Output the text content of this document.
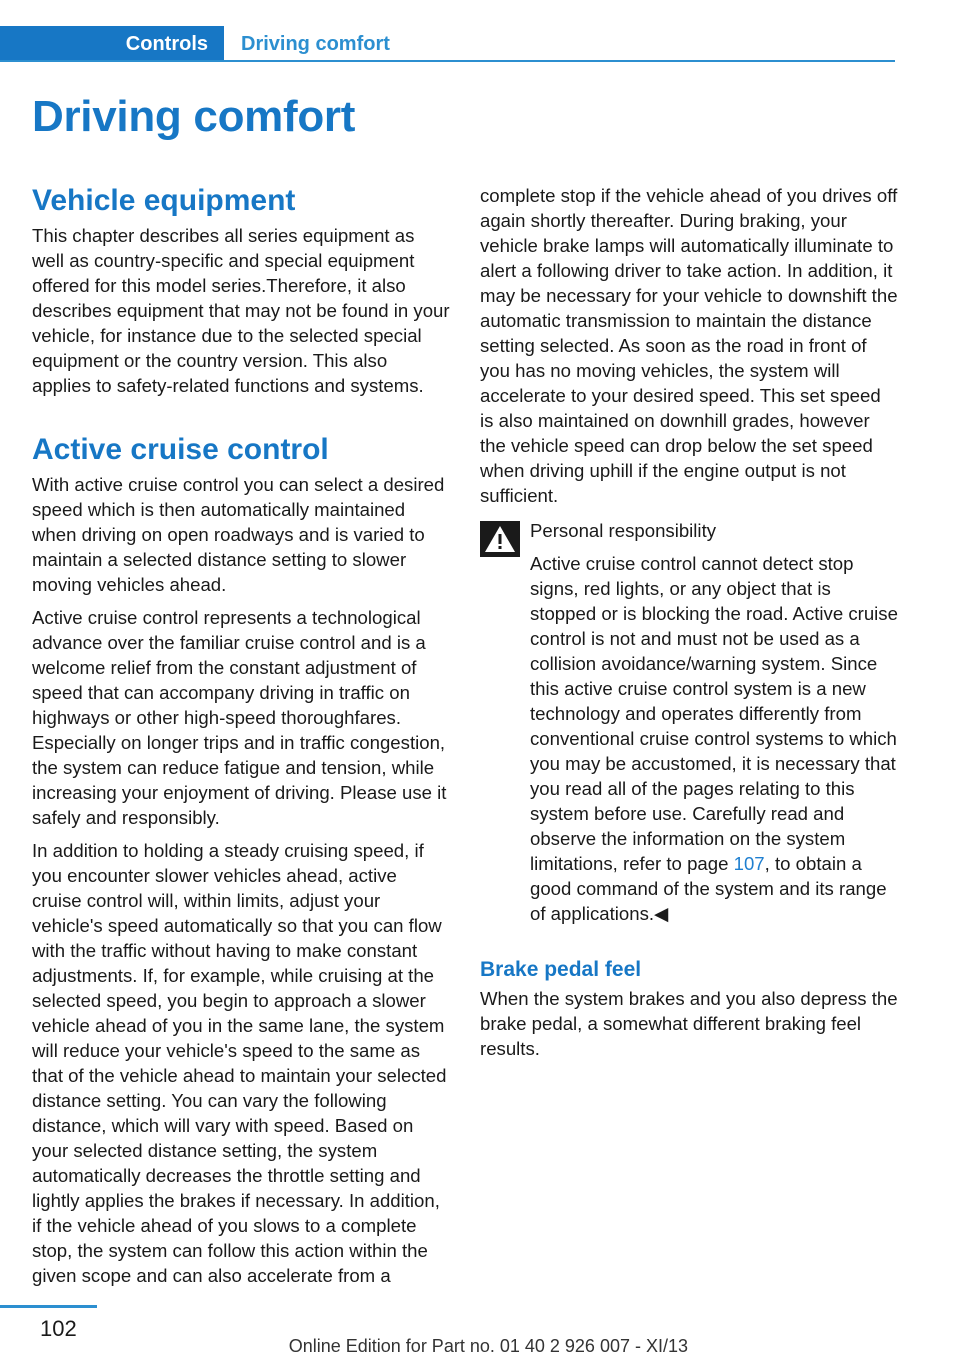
Controls	Driving comfort
Driving comfort
Vehicle equipment

This chapter describes all series equipment as well as country-specific and special equipment offered for this model series.Therefore, it also describes equipment that may not be found in your vehicle, for instance due to the selected special equipment or the country version. This also applies to safety-related functions and systems.

Active cruise control

With active cruise control you can select a desired speed which is then automatically maintained when driving on open roadways and is varied to maintain a selected distance setting to slower moving vehicles ahead.

Active cruise control represents a technological advance over the familiar cruise control and is a welcome relief from the constant adjustment of speed that can accompany driving in traffic on highways or other high-speed thoroughfares. Especially on longer trips and in traffic congestion, the system can reduce fatigue and tension, while increasing your enjoyment of driving. Please use it safely and responsibly.

In addition to holding a steady cruising speed, if you encounter slower vehicles ahead, active cruise control will, within limits, adjust your vehicle's speed automatically so that you can flow with the traffic without having to make constant adjustments. If, for example, while cruising at the selected speed, you begin to approach a slower vehicle ahead of you in the same lane, the system will reduce your vehicle's speed to the same as that of the vehicle ahead to maintain your selected distance setting. You can vary the following distance, which will vary with speed. Based on your selected distance setting, the system automatically decreases the throttle setting and lightly applies the brakes if necessary. In addition, if the vehicle ahead of you slows to a complete stop, the system can follow this action within the given scope and can also accelerate from a

complete stop if the vehicle ahead of you drives off again shortly thereafter. During braking, your vehicle brake lamps will automatically illuminate to alert a following driver to take action. In addition, it may be necessary for your vehicle to downshift the automatic transmission to maintain the distance setting selected. As soon as the road in front of you has no moving vehicles, the system will accelerate to your desired speed. This set speed is also maintained on downhill grades, however the vehicle speed can drop below the set speed when driving uphill if the engine output is not sufficient.

Personal responsibility

Active cruise control cannot detect stop signs, red lights, or any object that is stopped or is blocking the road. Active cruise control is not and must not be used as a collision avoidance/warning system. Since this active cruise control system is a new technology and operates differently from conventional cruise control systems to which you may be accustomed, it is necessary that you read all of the pages relating to this system before use. Carefully read and observe the information on the system limitations, refer to page 107, to obtain a good command of the system and its range of applications.◀

Brake pedal feel

When the system brakes and you also depress the brake pedal, a somewhat different braking feel results.

102
Online Edition for Part no. 01 40 2 926 007 - XI/13
